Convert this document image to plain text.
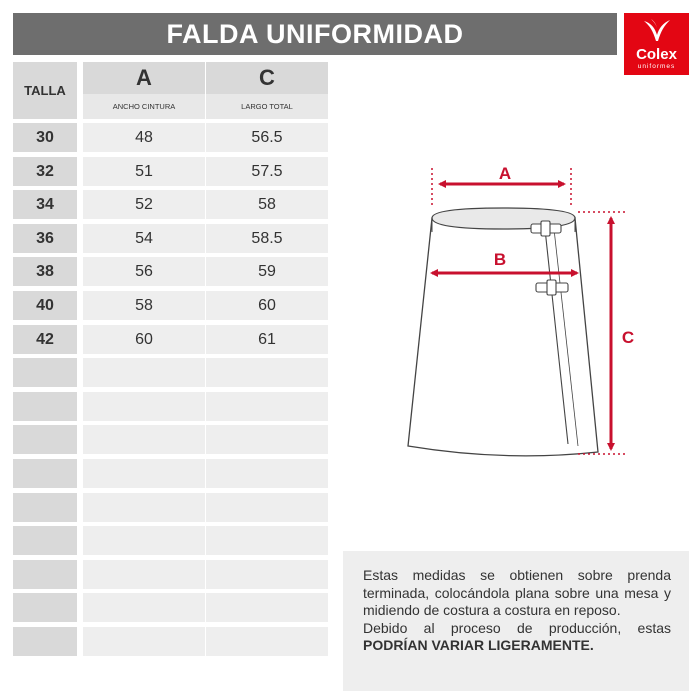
FALDA UNIFORMIDAD
Colex
uniformes
TALLA
A
ANCHO CINTURA
C
LARGO TOTAL
30	48	56.5
32	51	57.5
34	52	58
36	54	58.5
38	56	59
40	58	60
42	60	61
A
B
C

Estas medidas se obtienen sobre prenda terminada, colocándola plana sobre una mesa y midiendo de costura a costura en reposo.

Debido al proceso de producción, estas PODRÍAN VARIAR LIGERAMENTE.
